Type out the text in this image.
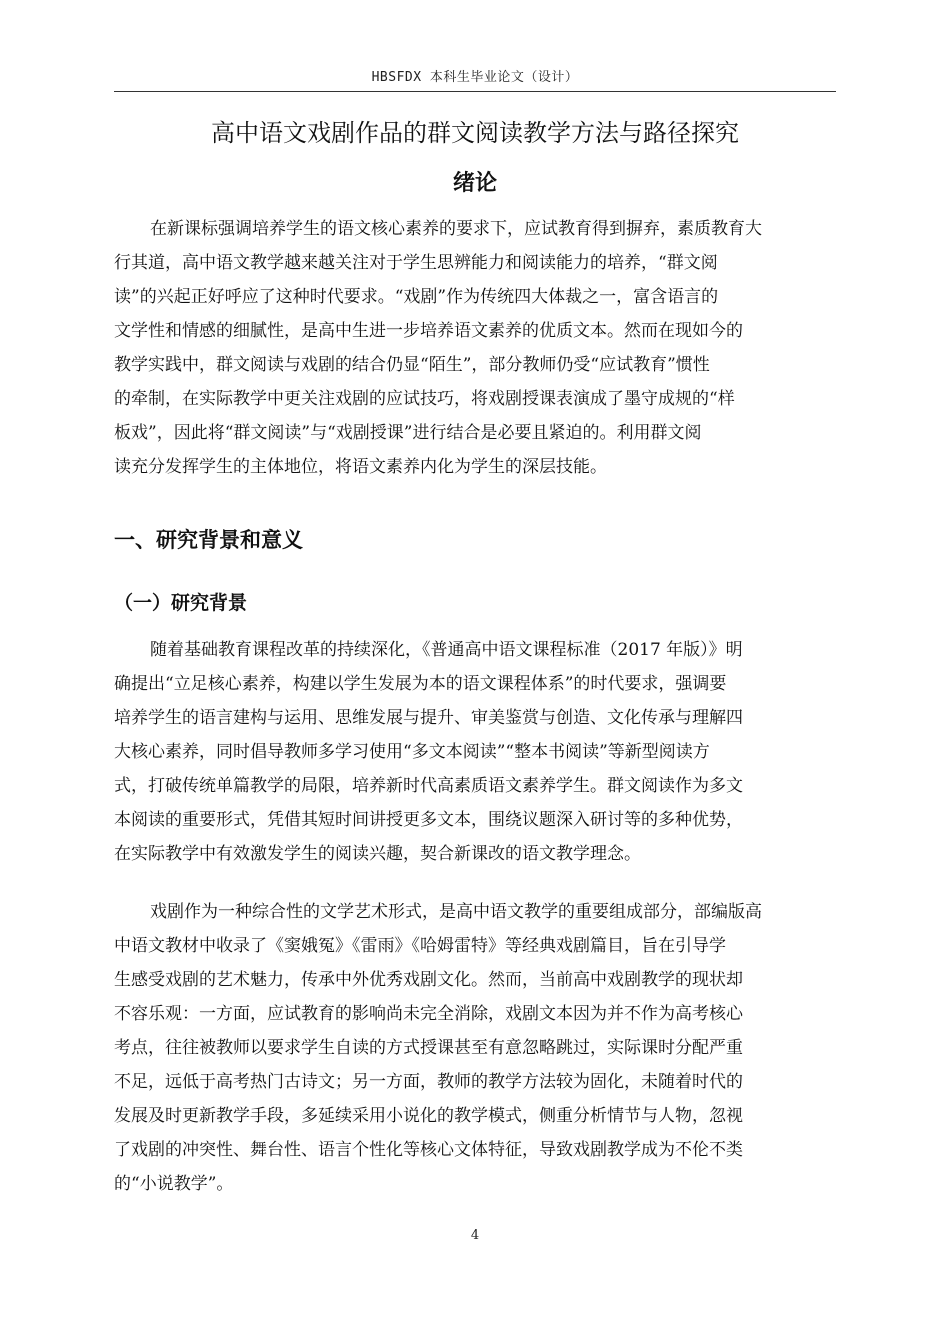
HBSFDX 本科生毕业论文（设计）
高中语文戏剧作品的群文阅读教学方法与路径探究
绪论
在新课标强调培养学生的语文核心素养的要求下，应试教育得到摒弃，素质教育大
行其道，高中语文教学越来越关注对于学生思辨能力和阅读能力的培养，“群文阅
读”的兴起正好呼应了这种时代要求。“戏剧”作为传统四大体裁之一，富含语言的
文学性和情感的细腻性，是高中生进一步培养语文素养的优质文本。然而在现如今的
教学实践中，群文阅读与戏剧的结合仍显“陌生”，部分教师仍受“应试教育”惯性
的牵制，在实际教学中更关注戏剧的应试技巧，将戏剧授课表演成了墨守成规的“样
板戏”，因此将“群文阅读”与“戏剧授课”进行结合是必要且紧迫的。利用群文阅
读充分发挥学生的主体地位，将语文素养内化为学生的深层技能。
一、研究背景和意义
（一）研究背景
随着基础教育课程改革的持续深化，《普通高中语文课程标准（2017 年版）》明
确提出“立足核心素养，构建以学生发展为本的语文课程体系”的时代要求，强调要
培养学生的语言建构与运用、思维发展与提升、审美鉴赏与创造、文化传承与理解四
大核心素养，同时倡导教师多学习使用“多文本阅读”“整本书阅读”等新型阅读方
式，打破传统单篇教学的局限，培养新时代高素质语文素养学生。群文阅读作为多文
本阅读的重要形式，凭借其短时间讲授更多文本，围绕议题深入研讨等的多种优势，
在实际教学中有效激发学生的阅读兴趣，契合新课改的语文教学理念。
戏剧作为一种综合性的文学艺术形式，是高中语文教学的重要组成部分，部编版高
中语文教材中收录了《窦娥冤》《雷雨》《哈姆雷特》等经典戏剧篇目，旨在引导学
生感受戏剧的艺术魅力，传承中外优秀戏剧文化。然而，当前高中戏剧教学的现状却
不容乐观：一方面，应试教育的影响尚未完全消除，戏剧文本因为并不作为高考核心
考点，往往被教师以要求学生自读的方式授课甚至有意忽略跳过，实际课时分配严重
不足，远低于高考热门古诗文；另一方面，教师的教学方法较为固化，未随着时代的
发展及时更新教学手段，多延续采用小说化的教学模式，侧重分析情节与人物，忽视
了戏剧的冲突性、舞台性、语言个性化等核心文体特征，导致戏剧教学成为不伦不类
的“小说教学”。
4
